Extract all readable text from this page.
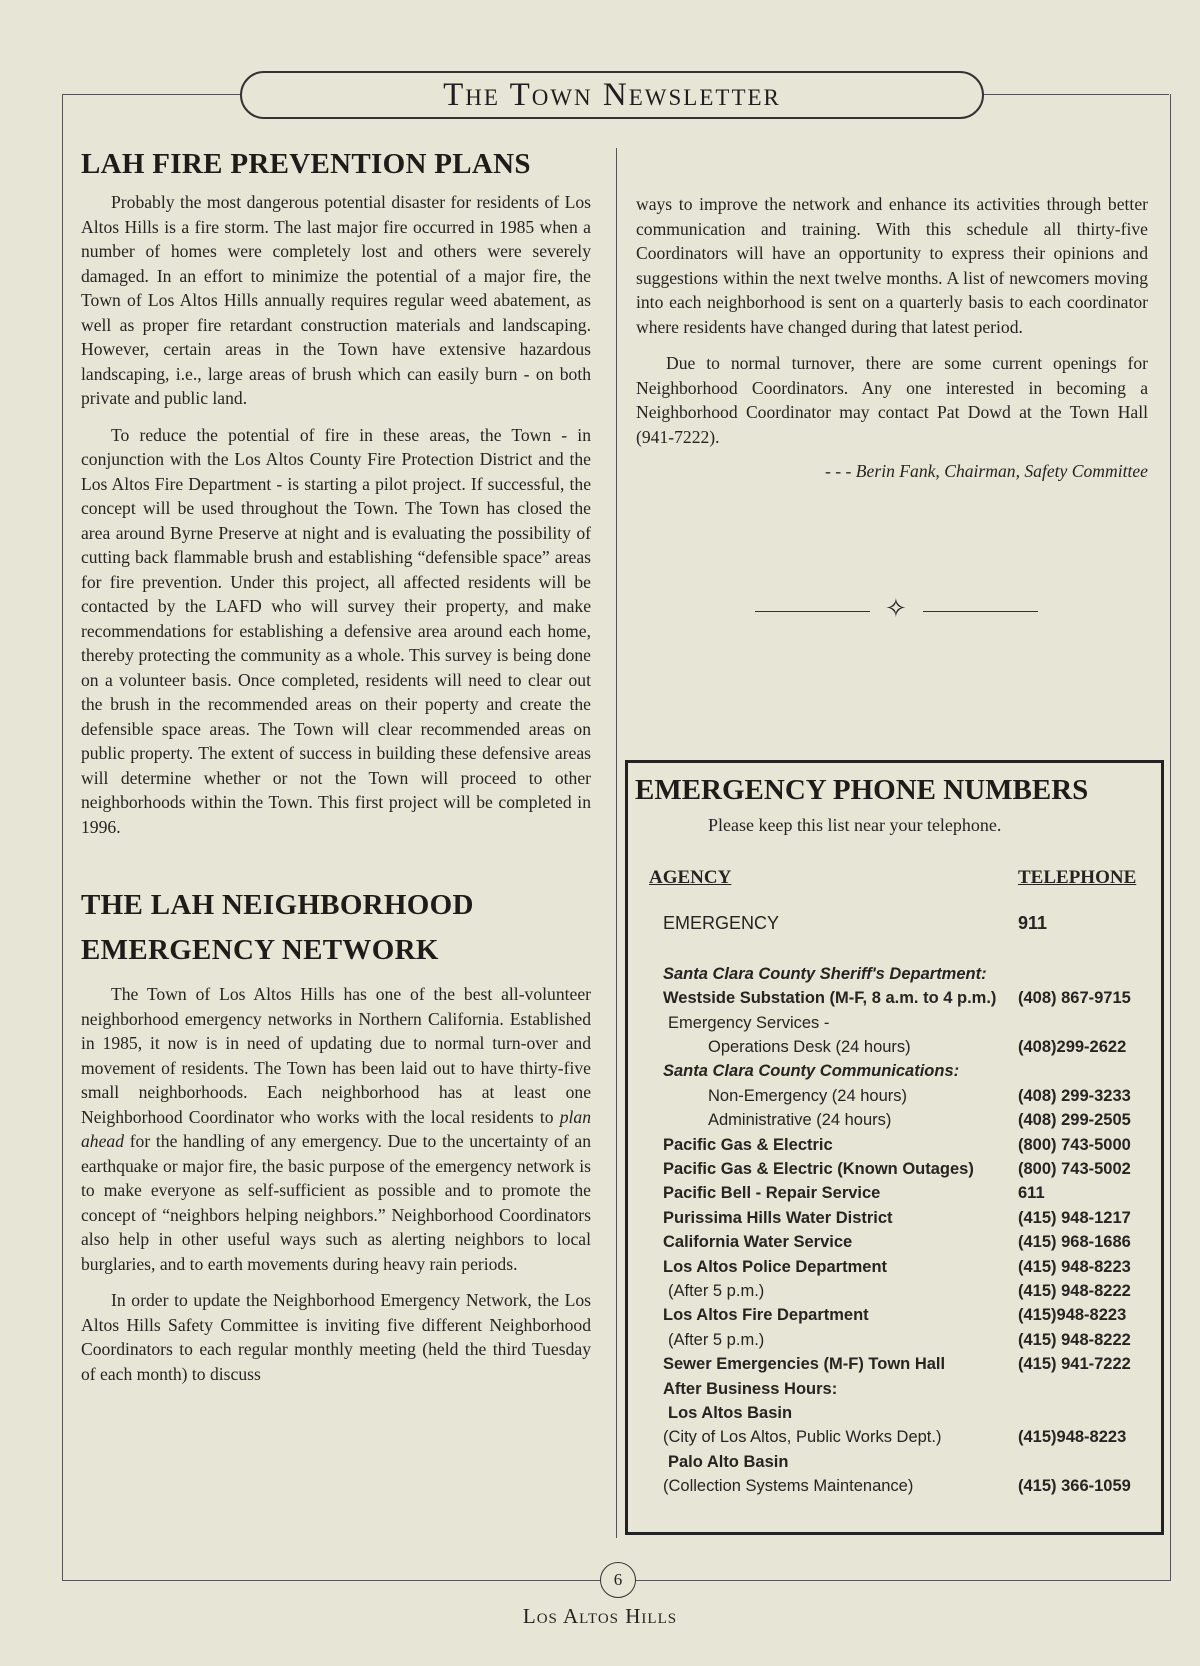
The Town Newsletter
LAH FIRE PREVENTION PLANS

Probably the most dangerous potential disaster for residents of Los Altos Hills is a fire storm. The last major fire occurred in 1985 when a number of homes were completely lost and others were severely damaged. In an effort to minimize the potential of a major fire, the Town of Los Altos Hills annually requires regular weed abatement, as well as proper fire retardant construction materials and landscaping. However, certain areas in the Town have extensive hazardous landscaping, i.e., large areas of brush which can easily burn - on both private and public land.

To reduce the potential of fire in these areas, the Town - in conjunction with the Los Altos County Fire Protection District and the Los Altos Fire Department - is starting a pilot project. If successful, the concept will be used throughout the Town. The Town has closed the area around Byrne Preserve at night and is evaluating the possibility of cutting back flammable brush and establishing “defensible space” areas for fire prevention. Under this project, all affected residents will be contacted by the LAFD who will survey their property, and make recommendations for establishing a defensive area around each home, thereby protecting the community as a whole. This survey is being done on a volunteer basis. Once completed, residents will need to clear out the brush in the recommended areas on their poperty and create the defensible space areas. The Town will clear recommended areas on public property. The extent of success in building these defensive areas will determine whether or not the Town will proceed to other neighborhoods within the Town. This first project will be completed in 1996.

THE LAH NEIGHBORHOOD EMERGENCY NETWORK

The Town of Los Altos Hills has one of the best all-volunteer neighborhood emergency networks in Northern California. Established in 1985, it now is in need of updating due to normal turn-over and movement of residents. The Town has been laid out to have thirty-five small neighborhoods. Each neighborhood has at least one Neighborhood Coordinator who works with the local residents to plan ahead for the handling of any emergency. Due to the uncertainty of an earthquake or major fire, the basic purpose of the emergency network is to make everyone as self-sufficient as possible and to promote the concept of “neighbors helping neighbors.” Neighborhood Coordinators also help in other useful ways such as alerting neighbors to local burglaries, and to earth movements during heavy rain periods.

In order to update the Neighborhood Emergency Network, the Los Altos Hills Safety Committee is inviting five different Neighborhood Coordinators to each regular monthly meeting (held the third Tuesday of each month) to discuss

ways to improve the network and enhance its activities through better communication and training. With this schedule all thirty-five Coordinators will have an opportunity to express their opinions and suggestions within the next twelve months. A list of newcomers moving into each neighborhood is sent on a quarterly basis to each coordinator where residents have changed during that latest period.

Due to normal turnover, there are some current openings for Neighborhood Coordinators. Any one interested in becoming a Neighborhood Coordinator may contact Pat Dowd at the Town Hall (941-7222).

- - - Berin Fank, Chairman, Safety Committee
✧
EMERGENCY PHONE NUMBERS
Please keep this list near your telephone.
AGENCY	TELEPHONE
EMERGENCY	911
Santa Clara County Sheriff's Department:
Westside Substation (M-F, 8 a.m. to 4 p.m.) (408) 867-9715
Emergency Services -
Operations Desk (24 hours)	(408)299-2622
Santa Clara County Communications:
Non-Emergency (24 hours)	(408) 299-3233
Administrative (24 hours)	(408) 299-2505
Pacific Gas & Electric	(800) 743-5000
Pacific Gas & Electric (Known Outages)	(800) 743-5002
Pacific Bell - Repair Service	611
Purissima Hills Water District	(415) 948-1217
California Water Service	(415) 968-1686
Los Altos Police Department	(415) 948-8223
(After 5 p.m.)	(415) 948-8222
Los Altos Fire Department	(415)948-8223
(After 5 p.m.)	(415) 948-8222
Sewer Emergencies (M-F) Town Hall	(415) 941-7222
After Business Hours:
Los Altos Basin
(City of Los Altos, Public Works Dept.)	(415)948-8223
Palo Alto Basin
(Collection Systems Maintenance)	(415) 366-1059
6
Los Altos Hills
